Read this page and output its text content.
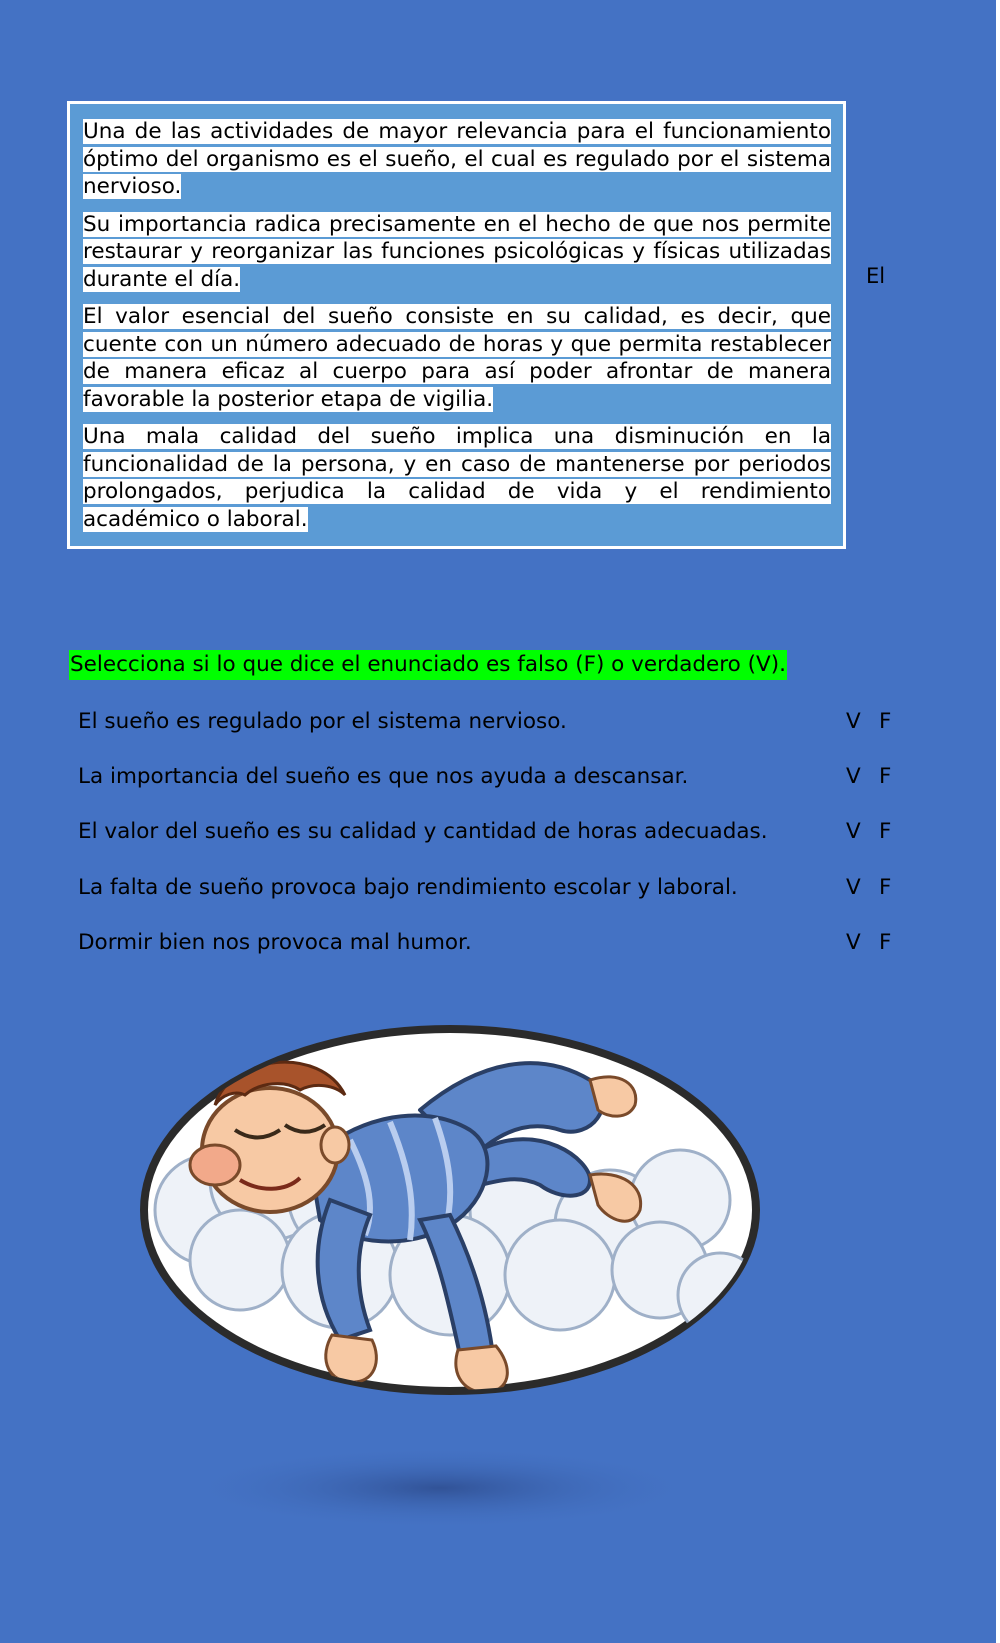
Una de las actividades de mayor relevancia para el funcionamiento óptimo del organismo es el sueño, el cual es regulado por el sistema nervioso.

Su importancia radica precisamente en el hecho de que nos permite restaurar y reorganizar las funciones psicológicas y físicas utilizadas durante el día.

El valor esencial del sueño consiste en su calidad, es decir, que cuente con un número adecuado de horas y que permita restablecer de manera eficaz al cuerpo para así poder afrontar de manera favorable la posterior etapa de vigilia.

Una mala calidad del sueño implica una disminución en la funcionalidad de la persona, y en caso de mantenerse por periodos prolongados, perjudica la calidad de vida y el rendimiento académico o laboral.

El
Selecciona si lo que dice el enunciado es falso (F) o verdadero (V).
El sueño es regulado por el sistema nervioso.	V F
La importancia del sueño es que nos ayuda a descansar.	V F
El valor del sueño es su calidad y cantidad de horas adecuadas.	V F
La falta de sueño provoca bajo rendimiento escolar y laboral.	V F
Dormir bien nos provoca mal humor.	V F
